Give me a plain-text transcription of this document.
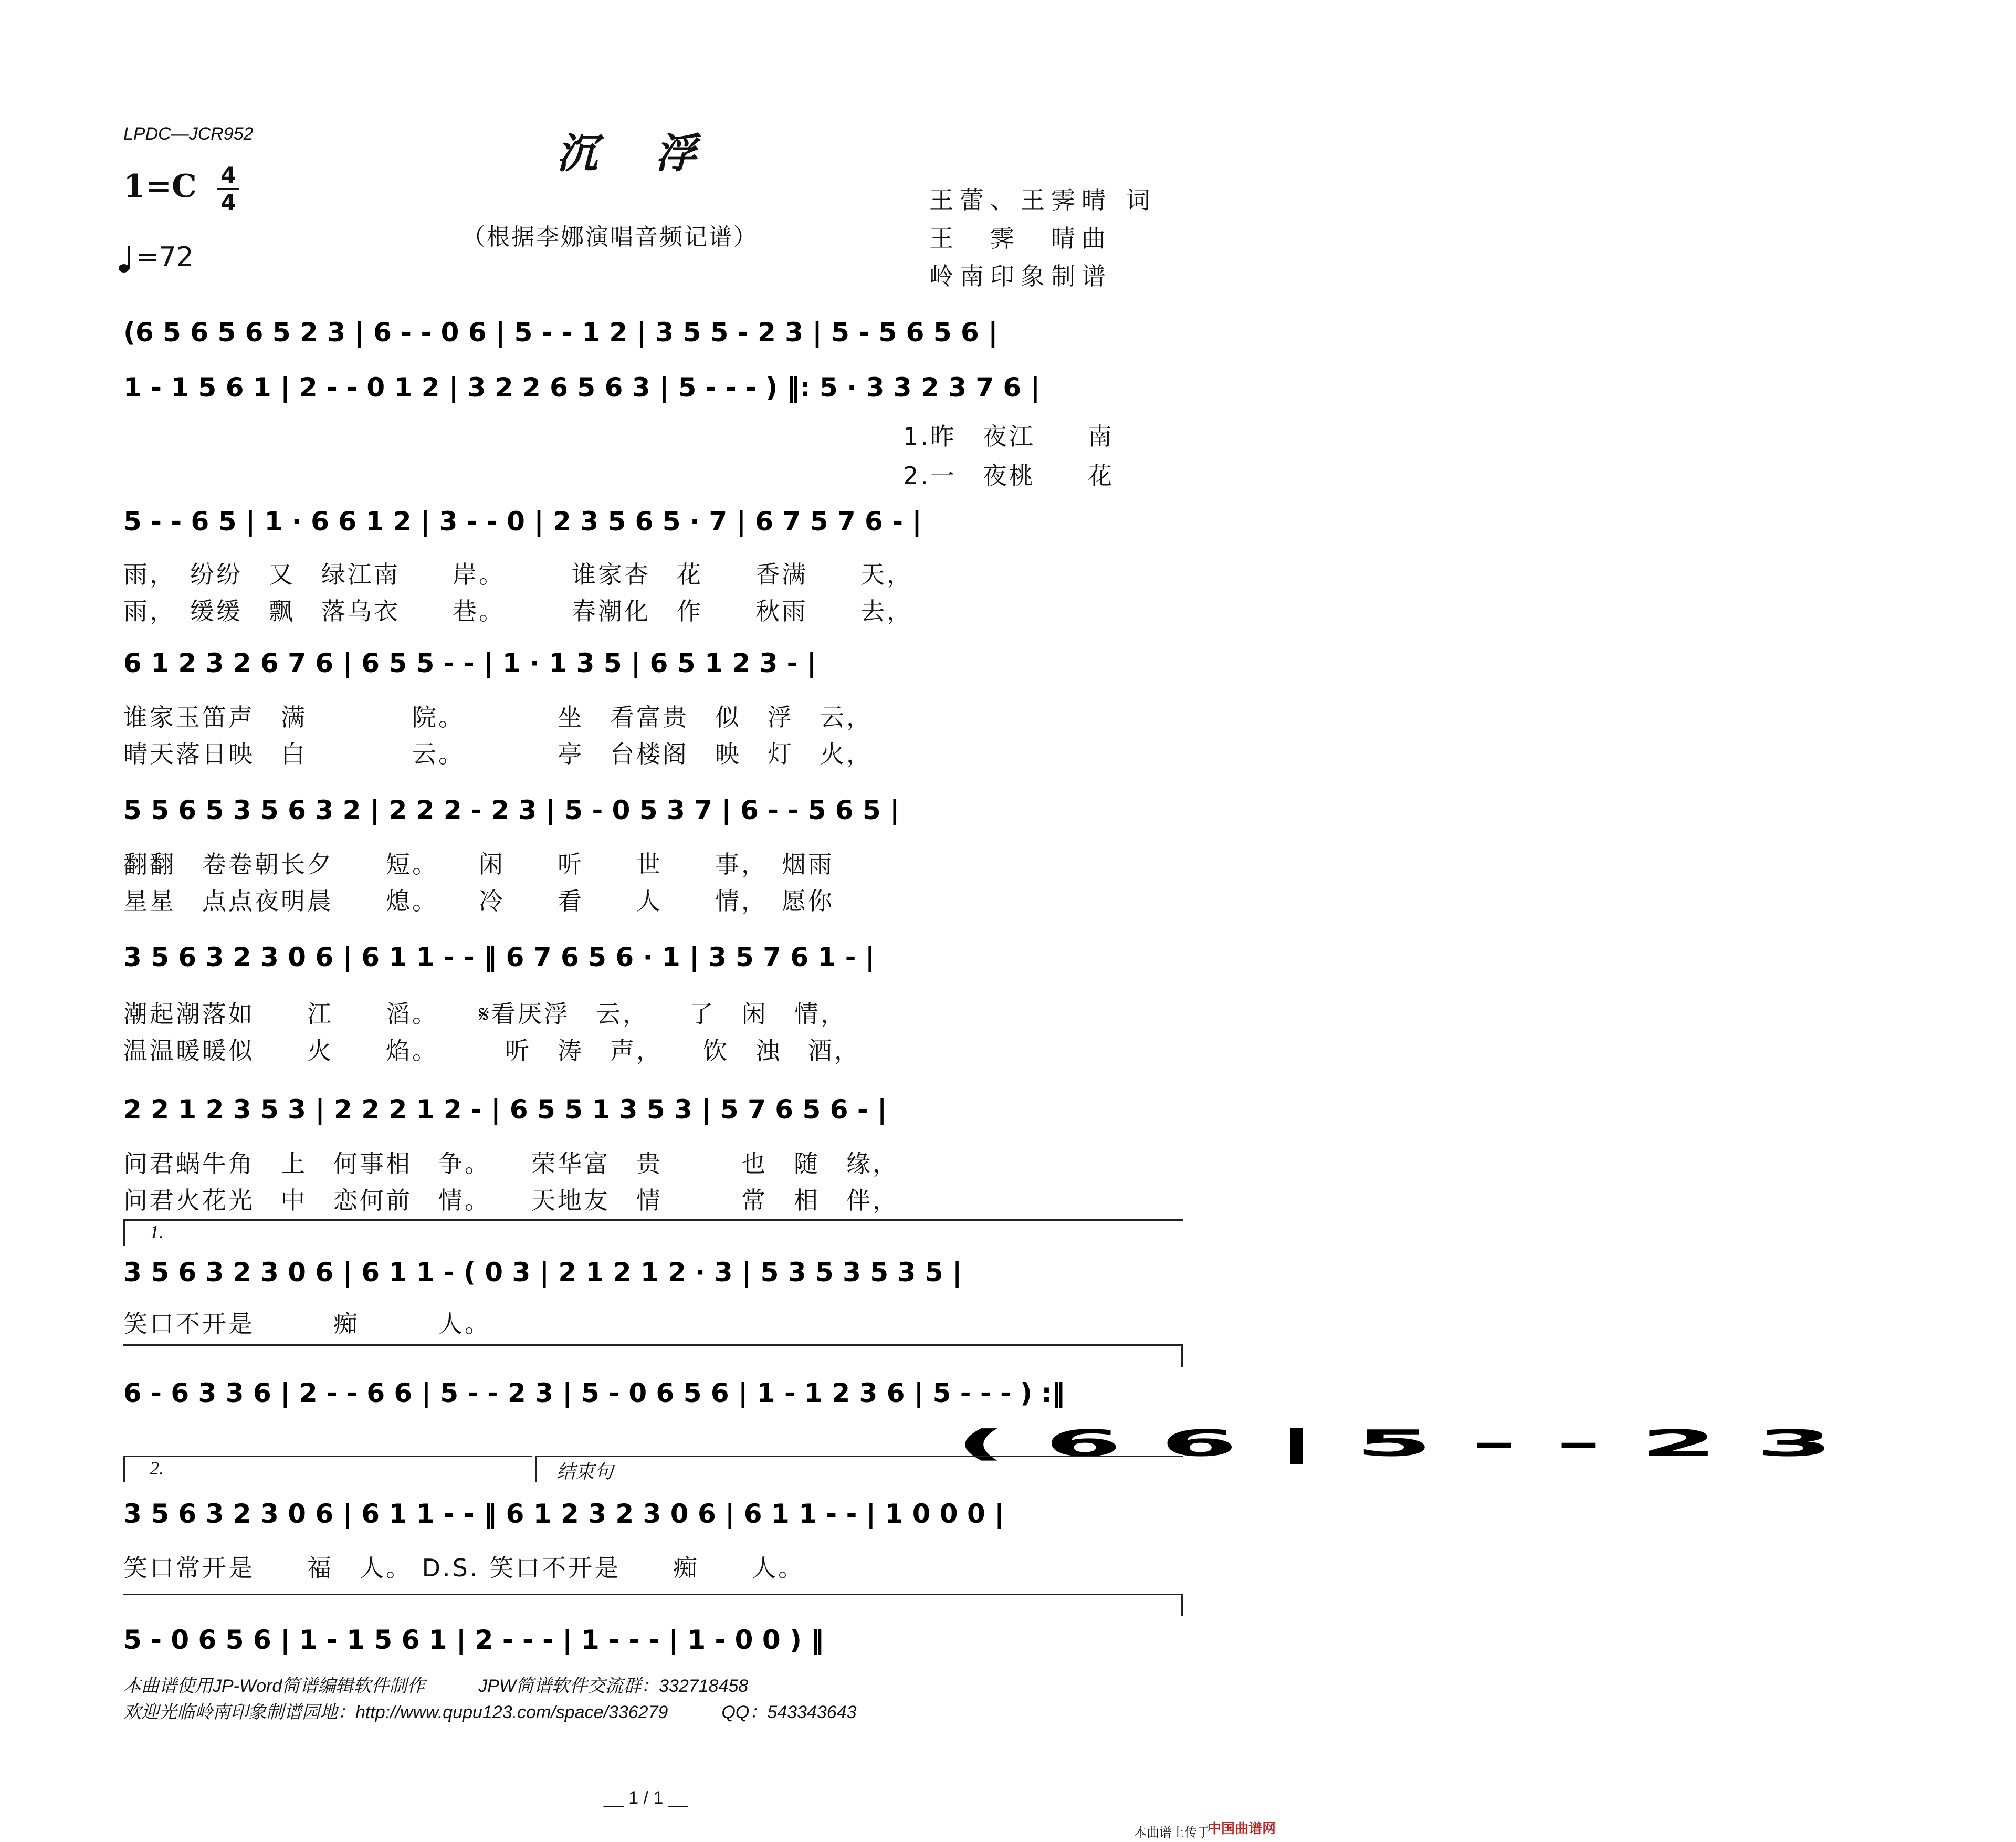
LPDC—JCR952	沉浮
1=C 4
4
=72
（根据李娜演唱音频记谱）
王蕾、王霁晴 词
王　霁　晴曲
岭南印象制谱
(6 5 6 5 6 5 2 3 | 6 - - 0 6 | 5 - - 1 2 | 3 5 5 - 2 3 | 5 - 5 6 5 6 |
1 - 1 5 6 1 | 2 - - 0 1 2 | 3 2 2 6 5 6 3 | 5 - - - ) ‖: 5 · 3 3 2 3 7 6 |
1.昨　夜江　　南
2.一　夜桃　　花
5 - - 6 5 | 1 · 6 6 1 2 | 3 - - 0 | 2 3 5 6 5 · 7 | 6 7 5 7 6 - |
雨，　纷纷　又　绿江南　　岸。　　　谁家杏　花　　香满　　天，
雨，　缓缓　飘　落乌衣　　巷。　　　春潮化　作　　秋雨　　去，
6 1 2 3 2 6 7 6 | 6 5 5 - - | 1 · 1 3 5 | 6 5 1 2 3 - |
谁家玉笛声　满　　　　院。　　　　坐　看富贵　似　浮　云，
晴天落日映　白　　　　云。　　　　亭　台楼阁　映　灯　火，
5 5 6 5 3 5 6 3 2 | 2 2 2 - 2 3 | 5 - 0 5 3 7 | 6 - - 5 6 5 |
翻翻　卷卷朝长夕　　短。　　闲　　听　　世　　事，　烟雨
星星　点点夜明晨　　熄。　　冷　　看　　人　　情，　愿你
3 5 6 3 2 3 0 6 | 6 1 1 - - ‖ 6 7 6 5 6 · 1 | 3 5 7 6 1 - |
潮起潮落如　　江　　滔。　　𝄋看厌浮　云，　　了　闲　情，
温温暖暖似　　火　　焰。　　　听　涛　声，　　饮　浊　酒，
2 2 1 2 3 5 3 | 2 2 2 1 2 - | 6 5 5 1 3 5 3 | 5 7 6 5 6 - |
问君蜗牛角　上　何事相　争。　　荣华富　贵　　　也　随　缘，
问君火花光　中　恋何前　情。　　天地友　情　　　常　相　伴，
1.
3 5 6 3 2 3 0 6 | 6 1 1 - ( 0 3 | 2 1 2 1 2 · 3 | 5 3 5 3 5 3 5 |
笑口不开是　　　痴　　　人。
6 - 6 3 3 6 | 2 - - 6 6 | 5 - - 2 3 | 5 - 0 6 5 6 | 1 - 1 2 3 6 | 5 - - - ) :‖
( 6 6 | 5 - - 2 3
2.	结束句
3 5 6 3 2 3 0 6 | 6 1 1 - - ‖ 6 1 2 3 2 3 0 6 | 6 1 1 - - | 1 0 0 0 |
笑口常开是　　福　人。 D.S. 笑口不开是　　痴　　人。
5 - 0 6 5 6 | 1 - 1 5 6 1 | 2 - - - | 1 - - - | 1 - 0 0 ) ‖
本曲谱使用JP-Word简谱编辑软件制作　　　JPW简谱软件交流群：332718458
欢迎光临岭南印象制谱园地：http://www.qupu123.com/space/336279　　　QQ：543343643
__ 1 / 1 __
本曲谱上传于
中国曲谱网
